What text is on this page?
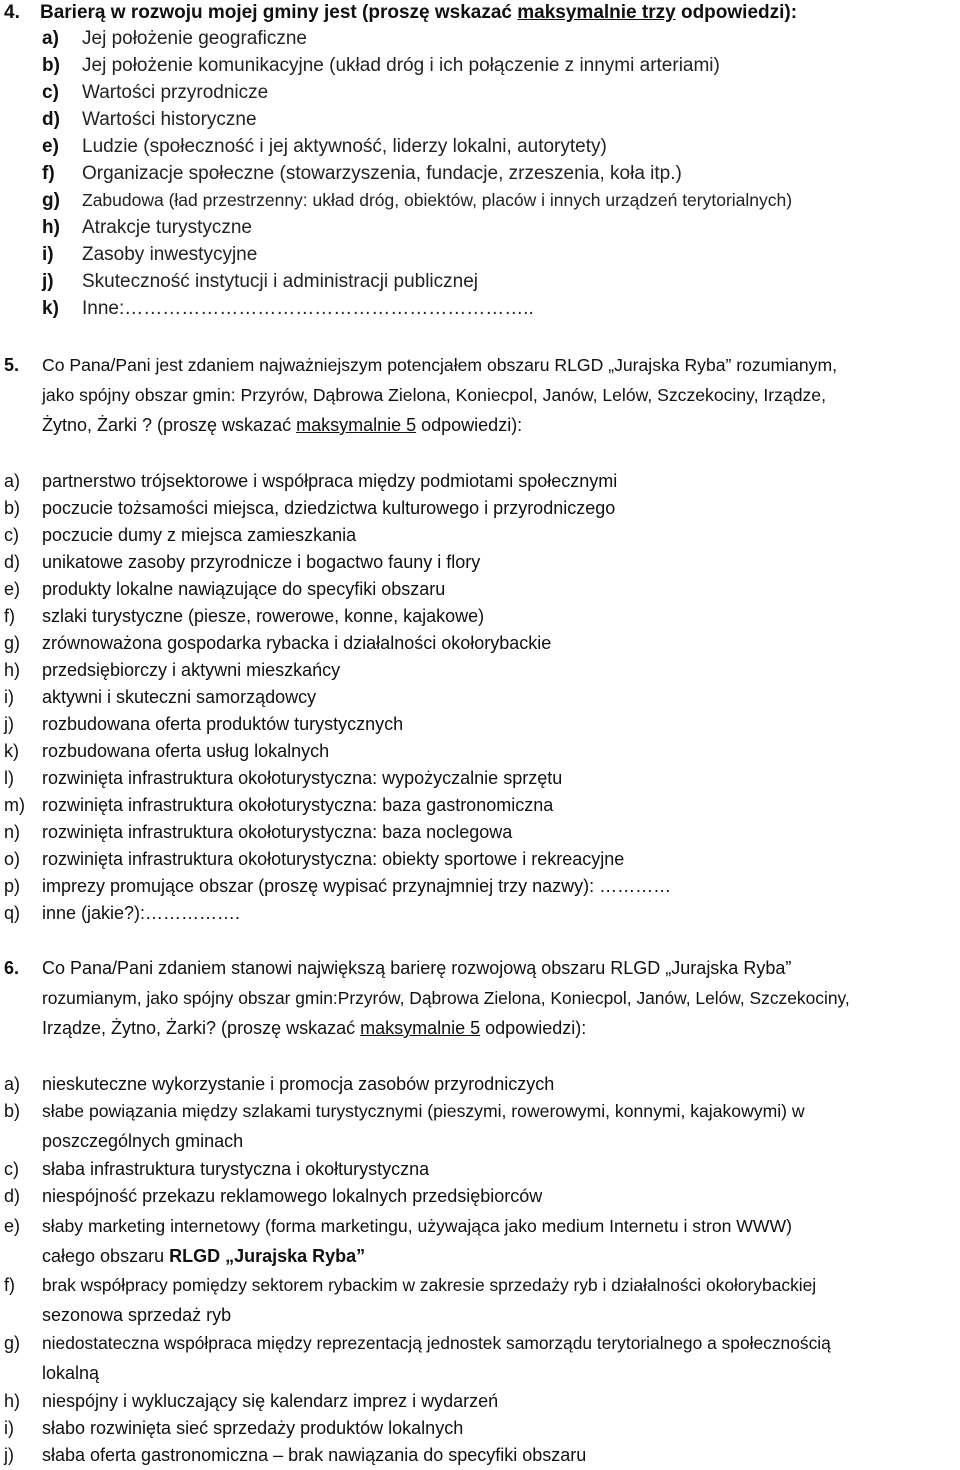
4. Barierą w rozwoju mojej gminy jest (proszę wskazać maksymalnie trzy odpowiedzi):
a) Jej położenie geograficzne
b) Jej położenie komunikacyjne (układ dróg i ich połączenie z innymi arteriami)
c) Wartości przyrodnicze
d) Wartości historyczne
e) Ludzie (społeczność i jej aktywność, liderzy lokalni, autorytety)
f) Organizacje społeczne (stowarzyszenia, fundacje, zrzeszenia, koła itp.)
g) Zabudowa (ład przestrzenny: układ dróg, obiektów, placów i innych urządzeń terytorialnych)
h) Atrakcje turystyczne
i) Zasoby inwestycyjne
j) Skuteczność instytucji i administracji publicznej
k) Inne:………………………………………………………..
5. Co Pana/Pani jest zdaniem najważniejszym potencjałem obszaru RLGD „Jurajska Ryba” rozumianym,
jako spójny obszar gmin: Przyrów, Dąbrowa Zielona, Koniecpol, Janów, Lelów, Szczekociny, Irządze,
Żytno, Żarki ? (proszę wskazać maksymalnie 5 odpowiedzi):
a) partnerstwo trójsektorowe i współpraca między podmiotami społecznymi
b) poczucie tożsamości miejsca, dziedzictwa kulturowego i przyrodniczego
c) poczucie dumy z miejsca zamieszkania
d) unikatowe zasoby przyrodnicze i bogactwo fauny i flory
e) produkty lokalne nawiązujące do specyfiki obszaru
f) szlaki turystyczne (piesze, rowerowe, konne, kajakowe)
g) zrównoważona gospodarka rybacka i działalności okołorybackie
h) przedsiębiorczy i aktywni mieszkańcy
i) aktywni i skuteczni samorządowcy
j) rozbudowana oferta produktów turystycznych
k) rozbudowana oferta usług lokalnych
l) rozwinięta infrastruktura okołoturystyczna: wypożyczalnie sprzętu
m) rozwinięta infrastruktura okołoturystyczna: baza gastronomiczna
n) rozwinięta infrastruktura okołoturystyczna: baza noclegowa
o) rozwinięta infrastruktura okołoturystyczna: obiekty sportowe i rekreacyjne
p) imprezy promujące obszar (proszę wypisać przynajmniej trzy nazwy): …………
q) inne (jakie?):…………….
6. Co Pana/Pani zdaniem stanowi największą barierę rozwojową obszaru RLGD „Jurajska Ryba”
rozumianym, jako spójny obszar gmin:Przyrów, Dąbrowa Zielona, Koniecpol, Janów, Lelów, Szczekociny,
Irządze, Żytno, Żarki? (proszę wskazać maksymalnie 5 odpowiedzi):
a) nieskuteczne wykorzystanie i promocja zasobów przyrodniczych
b) słabe powiązania między szlakami turystycznymi (pieszymi, rowerowymi, konnymi, kajakowymi) w
poszczególnych gminach
c) słaba infrastruktura turystyczna i okołturystyczna
d) niespójność przekazu reklamowego lokalnych przedsiębiorców
e) słaby marketing internetowy (forma marketingu, używająca jako medium Internetu i stron WWW)
całego obszaru RLGD „Jurajska Ryba”
f) brak współpracy pomiędzy sektorem rybackim w zakresie sprzedaży ryb i działalności okołorybackiej
sezonowa sprzedaż ryb
g) niedostateczna współpraca między reprezentacją jednostek samorządu terytorialnego a społecznością
lokalną
h) niespójny i wykluczający się kalendarz imprez i wydarzeń
i) słabo rozwinięta sieć sprzedaży produktów lokalnych
j) słaba oferta gastronomiczna – brak nawiązania do specyfiki obszaru
